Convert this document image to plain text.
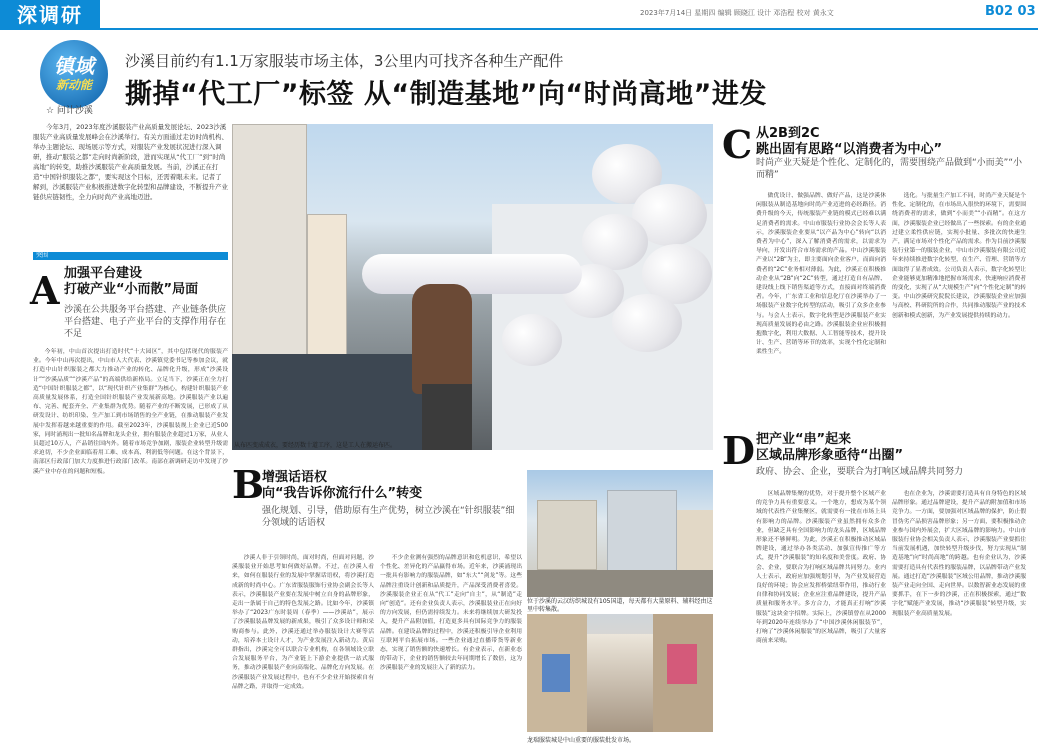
深调研	2023年7月14日 星期四 编辑 顾晓江 设计 邓浩程 校对 黄永文	B02 03
镇域
新动能
☆ 问计沙溪
沙溪目前约有1.1万家服装市场主体，3公里内可找齐各种生产配件
撕掉“代工厂”标签 从“制造基地”向“时尚高地”进发
今年3月，2023年度沙溪服装产业高质量发展论坛、2023沙溪服装产业高质量发展峰会在沙溪举行。有关方面通过走访时尚机构、举办主题论坛、现场展示等方式，对服装产业发展状况进行深入调研，推动“服装之都”走向时尚新阶段，进而实现从“代工厂”到“时尚高地”的转变，助推沙溪服装产业高质量发展。当前，沙溪正在打造“中国针织服装之都”，要实现这个目标，还需着眼未来。记者了解到，沙溪服装产业积极推进数字化转型和品牌建设，不断提升产业链供应链韧性，全力向时尚产业高地迈进。
突围
A 加强平台建设
打破产业“小而散”局面
沙溪在公共服务平台搭建、产业链条供应平台搭建、电子产业平台的支撑作用存在不足

今年初，中山首次提出打造时代“十大园区”，其中包括现代的服装产业。今年中山再次提出，中山市人大代表、沙溪镇党委书记等参加会议，就打造中山针织服装之都大力推动产业的转化、品牌化升级，形成“沙溪设计”“沙溪品质”“沙溪产品”的高端供给新格局。立足当下，沙溪正在全力打造“中国针织服装之都”，以“现代针织产业集群”为核心，构建针织服装产业高质量发展体系，打造全国针织服装产业发展新高地。沙溪服装产业以遍布、完善、配套齐全、产业集群为优势。随着产业的不断发展，已形成了从研发设计、纺织印染、生产加工到市场销售的全产业链，在推动服装产业发展中发挥着越来越重要的作用。截至2023年，沙溪服装规上企业已近500家，同时涌现出一批知名品牌和龙头企业，拥有服装企业超过1万家，从业人员超过10万人，产品销往国内外。随着市场竞争加剧，服装企业转型升级需求迫切，不少企业面临着用工难、成本高、利润低等问题。在这个背景下，南部区行政部门加大力度推进行政部门改革。南部在新调研走访中发现了沙溪产业中存在的问题和短板。

从布匹变成成衣，要经历数十道工序，这是工人在搬运布匹。
B
增强话语权
向“我告诉你流行什么”转变
强化规划、引导，借助原有生产优势，树立沙溪在“针织服装”细分领域的话语权

沙溪人非于引领时尚，面对时尚，但面对问题，沙溪服装业开始思考如何做好品牌。不过，在沙溪人看来，如何在服装行业的发展中掌握话语权，将沙溪打造成新的时尚中心。广东省服装服饰行业协会副会长等人表示，沙溪服装产业要在发展中树立自身的品牌形象，走出一条属于自己的特色发展之路。比如今年，沙溪镇举办了“2023广东时装周（春季）——沙溪站”，展示了沙溪服装品牌发展的新成果，吸引了众多设计师和采购商参与。此外，沙溪还通过举办服装设计大赛等活动，培养本土设计人才，为产业发展注入新动力。黄启群指出，沙溪完全可以联合专业机构，在各领域设立联合发展服务平台，为产业链上下游企业提供一站式服务，推动沙溪服装产业向高端化、品牌化方向发展。在沙溪服装产业发展过程中，也有不少企业开始探索自有品牌之路，并取得一定成效。

不少企业测有强烈的品牌意识和危机意识，希望以个性化、差异化的产品赢得市场。近年来，沙溪涌现出一批具有影响力的服装品牌，如“东大”“剑龙”等。这些品牌注重设计创新和品质提升，产品深受消费者喜爱。沙溪服装企业正在从“代工”走向“自主”，从“制造”走向“创造”。还有企业负责人表示，沙溪服装业正在向好的方向发展，但仍需持续发力。未来将继续加大研发投入，提升产品附加值，打造更多具有国际竞争力的服装品牌。在建设品牌的过程中，沙溪还积极引导企业利用互联网平台拓展市场。一些企业通过直播带货等新业态，实现了销售额的快速增长。有企业表示，在新业态的带动下，企业的销售额较去年同期增长了数倍，这为沙溪服装产业的发展注入了新的活力。

位于沙溪的云汉纺织城设有105国道，每天都有大量原料、辅料经由这里中转集散。
龙瑞服装城是中山重要的服装批发市场。
C 从2B到2C
跳出固有思路“以消费者为中心”
时尚产业天疑是个性化、定制化的，需要围绕产品做到“小而美”“小而精”

做优设计、做强品牌、做好产品，这是沙溪休闲服装从制造基地向时尚产业迈进的必经路径。消费升级的今天，传统服装产业链的模式已经难以满足消费者的需求。中山市服装行业协会会长等人表示，沙溪服装企业要从“以产品为中心”转向“以消费者为中心”，深入了解消费者的需求，以需求为导向，开发出符合市场需求的产品。中山沙溪服装产业以“2B”为主，即主要面向企业客户，而面向消费者的“2C”业务相对薄弱。为此，沙溪正在积极推动企业从“2B”向“2C”转型，通过打造自有品牌、建设线上线下销售渠道等方式，直接面对终端消费者。今年，广东省工业和信息化厅在沙溪举办了一场服装产业数字化转型的活动，吸引了众多企业参与。与会人士表示，数字化转型是沙溪服装产业实现高质量发展的必由之路。沙溪服装企业应积极拥抱数字化，利用大数据、人工智能等技术，提升设计、生产、营销等环节的效率，实现个性化定制和柔性生产。

选化。与批量生产加工不同，时尚产业天疑是个性化、定制化的，在市场出入很快的环境下，需要围绕消费者的需求，做到“小而美”“小而精”。在这方面，沙溪服装企业已经做出了一些探索。有的企业通过建立柔性供应链，实现小批量、多批次的快速生产，满足市场对个性化产品的需求。作为目前沙溪服装行业第一的服装企业，中山市沙溪服装有限公司近年来持续推进数字化转型，在生产、管理、营销等方面取得了显著成效。公司负责人表示，数字化转型让企业能够更加精准地把握市场需求，快速响应消费者的变化，实现了从“大规模生产”向“个性化定制”的转变。中山沙溪研究院院长建议，沙溪服装企业应加强与高校、科研院所的合作，共同推动服装产业的技术创新和模式创新，为产业发展提供持续的动力。

D 把产业“串”起来
区域品牌形象亟待“出圈”
政府、协会、企业，要联合为打响区域品牌共同努力

区域品牌集聚的优势，对于提升整个区域产业的竞争力具有重要意义。一个地方，想成为某个领域的代表性产业集聚区，就需要有一批在市场上具有影响力的品牌。沙溪服装产业虽然拥有众多企业，但缺乏具有全国影响力的龙头品牌，区域品牌形象还不够鲜明。为此，沙溪正在积极推动区域品牌建设，通过举办各类活动、加强宣传推广等方式，提升“沙溪服装”的知名度和美誉度。政府、协会、企业，要联合为打响区域品牌共同努力。业内人士表示，政府应加强规划引导，为产业发展营造良好的环境；协会应发挥桥梁纽带作用，推动行业自律和协同发展；企业应注重品牌建设，提升产品质量和服务水平。多方合力，才能真正打响“沙溪服装”这块金字招牌。实际上，沙溪镇曾在从2000年到2020年连续举办了“中国沙溪休闲服装节”，打响了“沙溪休闲服装”的区域品牌，吸引了大量客商前来采购。

也在企业为，沙溪需要打造具有自身特色的区域品牌形象。通过品牌建设，提升产品的附加值和市场竞争力。一方面，要加强对区域品牌的保护，防止假冒伪劣产品损害品牌形象；另一方面，要积极推动企业参与国内外展会，扩大区域品牌的影响力。中山市服装行业协会相关负责人表示，沙溪服装产业要抓住当前发展机遇，加快转型升级步伐，努力实现从“制造基地”向“时尚高地”的跨越。也有企业认为，沙溪需要打造具有代表性的服装品牌，以品牌带动产业发展。通过打造“沙溪服装”区域公用品牌，推动沙溪服装产业走向全国、走向世界。以数智新业态发展的重要抓手，在下一步的沙溪，正在积极探索，通过“数字化”赋能产业发展，推动“沙溪服装”转型升级，实现服装产业高质量发展。
